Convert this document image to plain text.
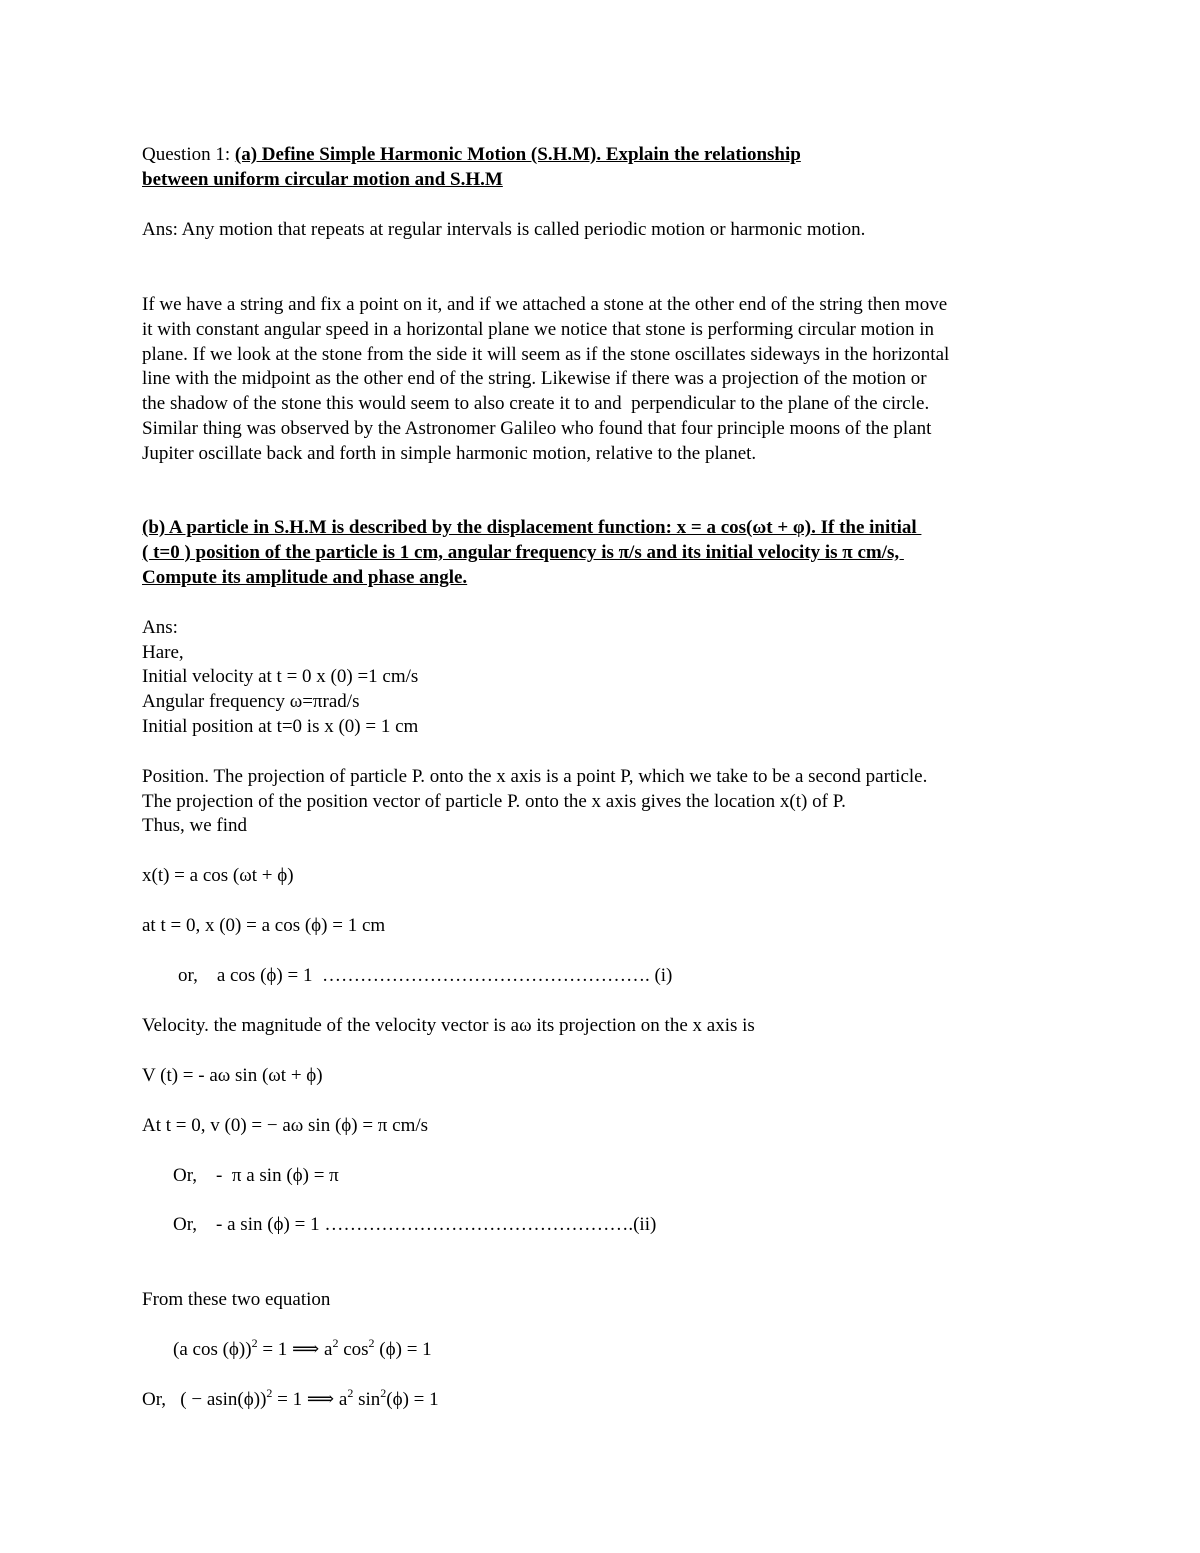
Question 1: (a) Define Simple Harmonic Motion (S.H.M). Explain the relationship

between uniform circular motion and S.H.M

Ans: Any motion that repeats at regular intervals is called periodic motion or harmonic motion.

If we have a string and fix a point on it, and if we attached a stone at the other end of the string then move

it with constant angular speed in a horizontal plane we notice that stone is performing circular motion in

plane. If we look at the stone from the side it will seem as if the stone oscillates sideways in the horizontal

line with the midpoint as the other end of the string. Likewise if there was a projection of the motion or

the shadow of the stone this would seem to also create it to and  perpendicular to the plane of the circle.

Similar thing was observed by the Astronomer Galileo who found that four principle moons of the plant

Jupiter oscillate back and forth in simple harmonic motion, relative to the planet.

(b) A particle in S.H.M is described by the displacement function: x = a cos(ωt + φ). If the initial

( t=0 ) position of the particle is 1 cm, angular frequency is π/s and its initial velocity is π cm/s,

Compute its amplitude and phase angle.

Ans:

Hare,

Initial velocity at t = 0 x (0) =1 cm/s

Angular frequency ω=πrad/s

Initial position at t=0 is x (0) = 1 cm

Position. The projection of particle P. onto the x axis is a point P, which we take to be a second particle.

The projection of the position vector of particle P. onto the x axis gives the location x(t) of P.

Thus, we find

x(t) = a cos (ωt + ϕ)

at t = 0, x (0) = a cos (ϕ) = 1 cm

or,    a cos (ϕ) = 1  ……………………………………………. (i)

Velocity. the magnitude of the velocity vector is aω its projection on the x axis is

V (t) = - aω sin (ωt + ϕ)

At t = 0, v (0) = − aω sin (ϕ) = π cm/s

Or,    -  π a sin (ϕ) = π

Or,    - a sin (ϕ) = 1 ………………………………………….(ii)

From these two equation

(a cos (ϕ))$^2$ = 1 ⟹ $a^2$ $\cos^2 (\phi) = 1$

Or,   ( − asin(ϕ))$^2$ = 1 ⟹ $a^2$ $\sin^2(\phi) = 1$
